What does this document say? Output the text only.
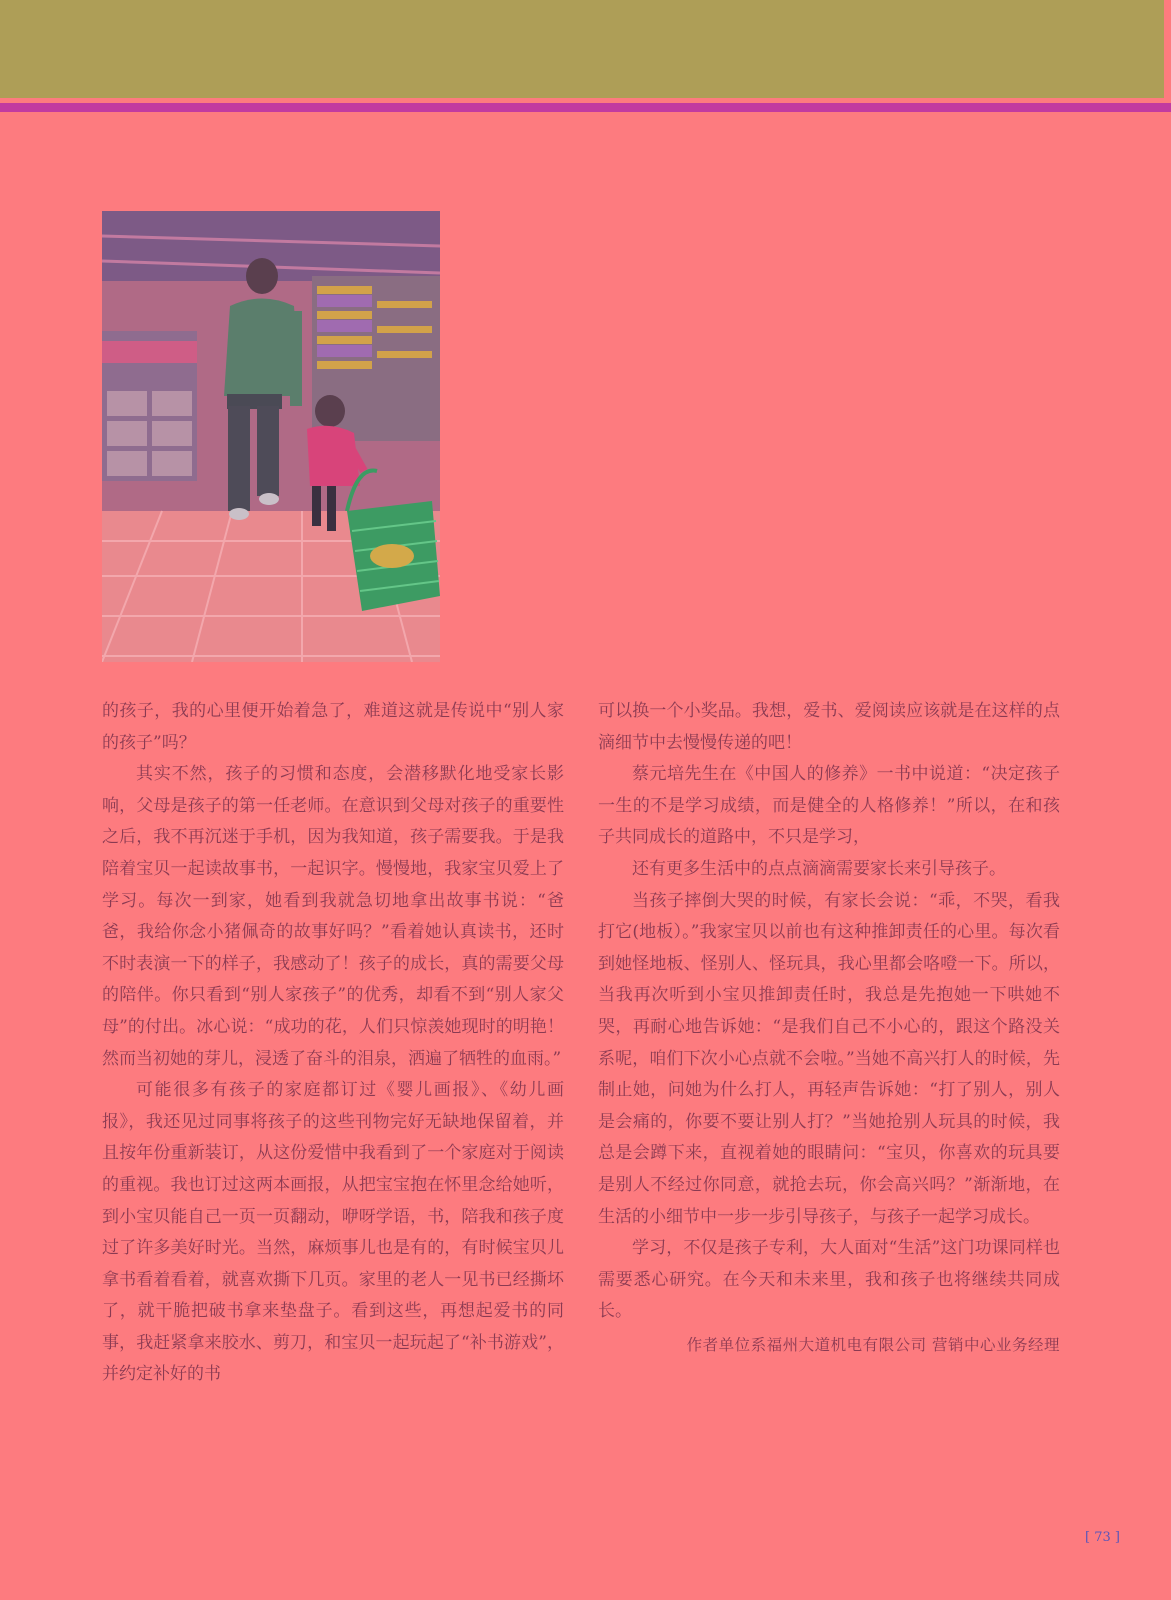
的孩子，我的心里便开始着急了，难道这就是传说中“别人家的孩子”吗？

其实不然，孩子的习惯和态度，会潜移默化地受家长影响，父母是孩子的第一任老师。在意识到父母对孩子的重要性之后，我不再沉迷于手机，因为我知道，孩子需要我。于是我陪着宝贝一起读故事书，一起识字。慢慢地，我家宝贝爱上了学习。每次一到家，她看到我就急切地拿出故事书说：“爸爸，我给你念小猪佩奇的故事好吗？”看着她认真读书，还时不时表演一下的样子，我感动了！孩子的成长，真的需要父母的陪伴。你只看到“别人家孩子”的优秀，却看不到“别人家父母”的付出。冰心说：“成功的花，人们只惊羡她现时的明艳！然而当初她的芽儿，浸透了奋斗的泪泉，洒遍了牺牲的血雨。”

可能很多有孩子的家庭都订过《婴儿画报》、《幼儿画报》，我还见过同事将孩子的这些刊物完好无缺地保留着，并且按年份重新装订，从这份爱惜中我看到了一个家庭对于阅读的重视。我也订过这两本画报，从把宝宝抱在怀里念给她听，到小宝贝能自己一页一页翻动，咿呀学语，书，陪我和孩子度过了许多美好时光。当然，麻烦事儿也是有的，有时候宝贝儿拿书看着看着，就喜欢撕下几页。家里的老人一见书已经撕坏了，就干脆把破书拿来垫盘子。看到这些，再想起爱书的同事，我赶紧拿来胶水、剪刀，和宝贝一起玩起了“补书游戏”，并约定补好的书

可以换一个小奖品。我想，爱书、爱阅读应该就是在这样的点滴细节中去慢慢传递的吧！

蔡元培先生在《中国人的修养》一书中说道：“决定孩子一生的不是学习成绩，而是健全的人格修养！”所以，在和孩子共同成长的道路中，不只是学习，

还有更多生活中的点点滴滴需要家长来引导孩子。

当孩子摔倒大哭的时候，有家长会说：“乖，不哭，看我打它(地板）。”我家宝贝以前也有这种推卸责任的心里。每次看到她怪地板、怪别人、怪玩具，我心里都会咯噔一下。所以，当我再次听到小宝贝推卸责任时，我总是先抱她一下哄她不哭，再耐心地告诉她：“是我们自己不小心的，跟这个路没关系呢，咱们下次小心点就不会啦。”当她不高兴打人的时候，先制止她，问她为什么打人，再轻声告诉她：“打了别人，别人是会痛的，你要不要让别人打？”当她抢别人玩具的时候，我总是会蹲下来，直视着她的眼睛问：“宝贝，你喜欢的玩具要是别人不经过你同意，就抢去玩，你会高兴吗？”渐渐地，在生活的小细节中一步一步引导孩子，与孩子一起学习成长。

学习，不仅是孩子专利，大人面对“生活”这门功课同样也需要悉心研究。在今天和未来里，我和孩子也将继续共同成长。

作者单位系福州大道机电有限公司 营销中心业务经理

[ 73 ]
